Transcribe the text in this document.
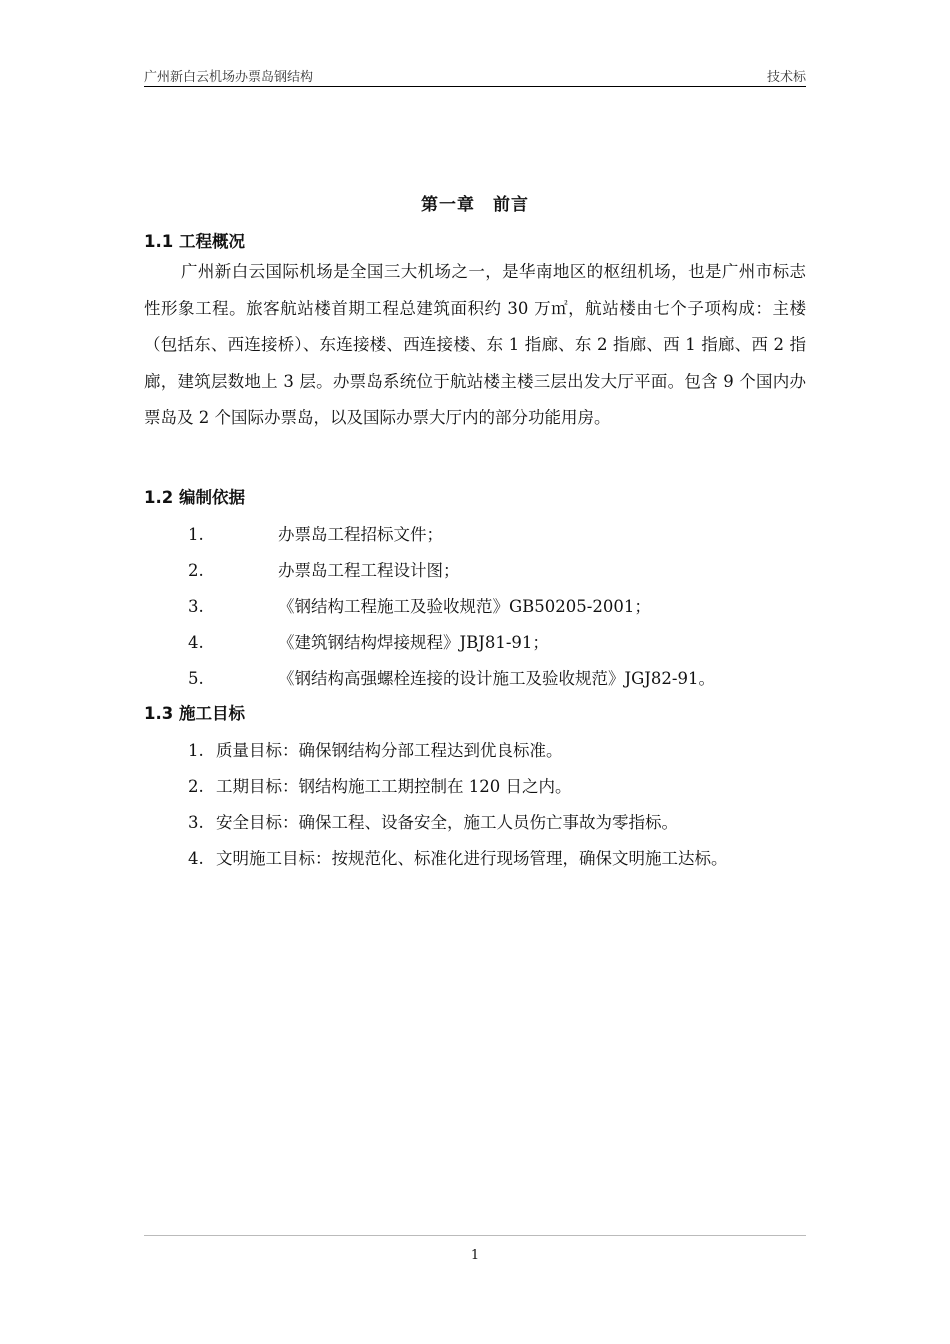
广州新白云机场办票岛钢结构	技术标
第一章　前言
1.1 工程概况
广州新白云国际机场是全国三大机场之一，是华南地区的枢纽机场，也是广州市标志性形象工程。旅客航站楼首期工程总建筑面积约 30 万㎡，航站楼由七个子项构成：主楼（包括东、西连接桥）、东连接楼、西连接楼、东 1 指廊、东 2 指廊、西 1 指廊、西 2 指廊，建筑层数地上 3 层。办票岛系统位于航站楼主楼三层出发大厅平面。包含 9 个国内办票岛及 2 个国际办票岛，以及国际办票大厅内的部分功能用房。
1.2 编制依据
1.	办票岛工程招标文件；
2.	办票岛工程工程设计图；
3.	《钢结构工程施工及验收规范》GB50205-2001；
4.	《建筑钢结构焊接规程》JBJ81-91；
5.	《钢结构高强螺栓连接的设计施工及验收规范》JGJ82-91。
1.3 施工目标
1. 质量目标：确保钢结构分部工程达到优良标准。
2. 工期目标：钢结构施工工期控制在 120 日之内。
3. 安全目标：确保工程、设备安全，施工人员伤亡事故为零指标。
4. 文明施工目标：按规范化、标准化进行现场管理，确保文明施工达标。
1
